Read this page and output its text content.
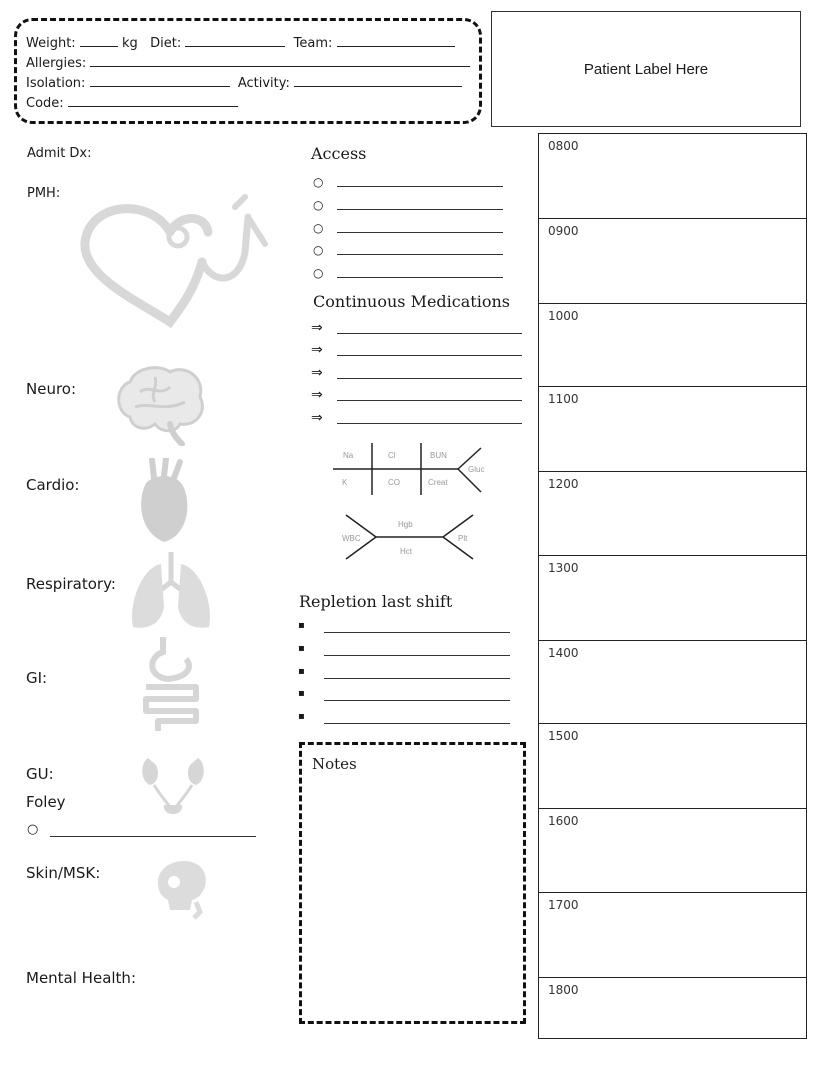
Weight:	kg Diet:	Team:
Allergies:
Isolation:	Activity:
Code:
Patient Label Here
Admit Dx:
PMH:
Neuro:
Cardio:
Respiratory:
GI:
GU:
Foley
○
Skin/MSK:
Mental Health:
Access
○
○
○
○
○
Continuous Medications
⇒
⇒
⇒
⇒
⇒
Na	Cl	BUN
Gluc
K	CO	Creat
WBC
Hgb
Hct
Plt
Repletion last shift
▪
▪
▪
▪
▪
Notes
0800
0900
1000
1100
1200
1300
1400
1500
1600
1700
1800
